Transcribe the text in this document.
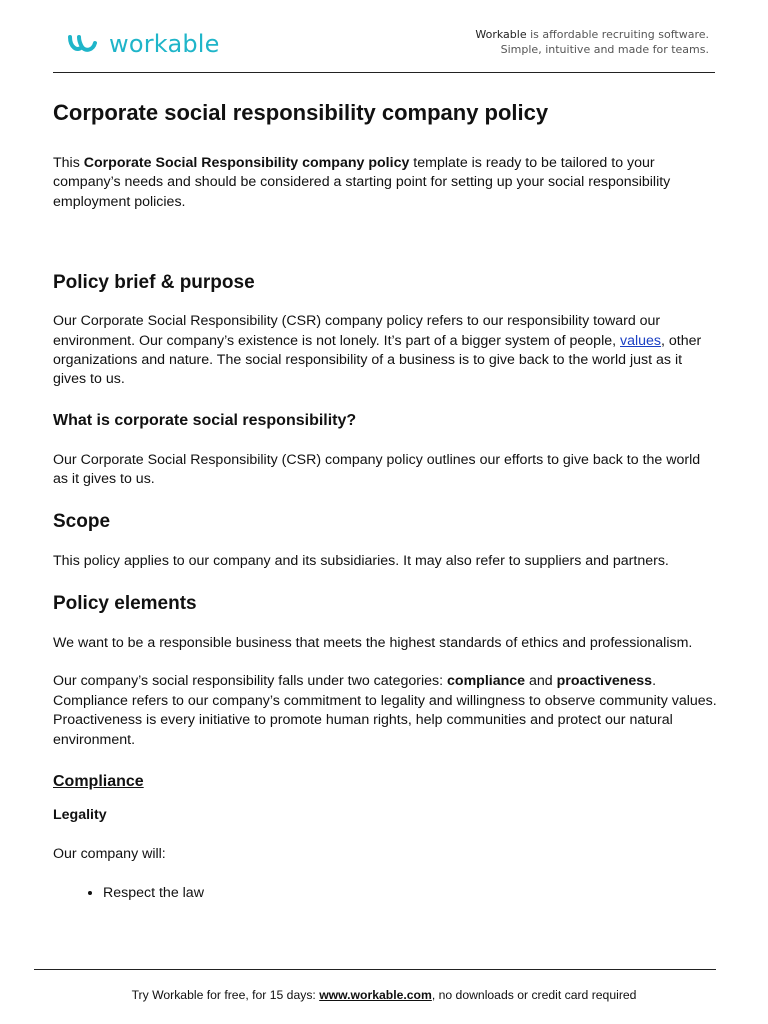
workable	Workable is affordable recruiting software.
Simple, intuitive and made for teams.
Corporate social responsibility company policy

This Corporate Social Responsibility company policy template is ready to be tailored to your company’s needs and should be considered a starting point for setting up your social responsibility employment policies.

Policy brief & purpose

Our Corporate Social Responsibility (CSR) company policy refers to our responsibility toward our environment. Our company’s existence is not lonely. It’s part of a bigger system of people, values, other organizations and nature. The social responsibility of a business is to give back to the world just as it gives to us.

What is corporate social responsibility?

Our Corporate Social Responsibility (CSR) company policy outlines our efforts to give back to the world as it gives to us.

Scope

This policy applies to our company and its subsidiaries. It may also refer to suppliers and partners.

Policy elements

We want to be a responsible business that meets the highest standards of ethics and professionalism.

Our company’s social responsibility falls under two categories: compliance and proactiveness. Compliance refers to our company’s commitment to legality and willingness to observe community values. Proactiveness is every initiative to promote human rights, help communities and protect our natural environment.

Compliance

Legality

Our company will:

• Respect the law
Try Workable for free, for 15 days: www.workable.com, no downloads or credit card required
